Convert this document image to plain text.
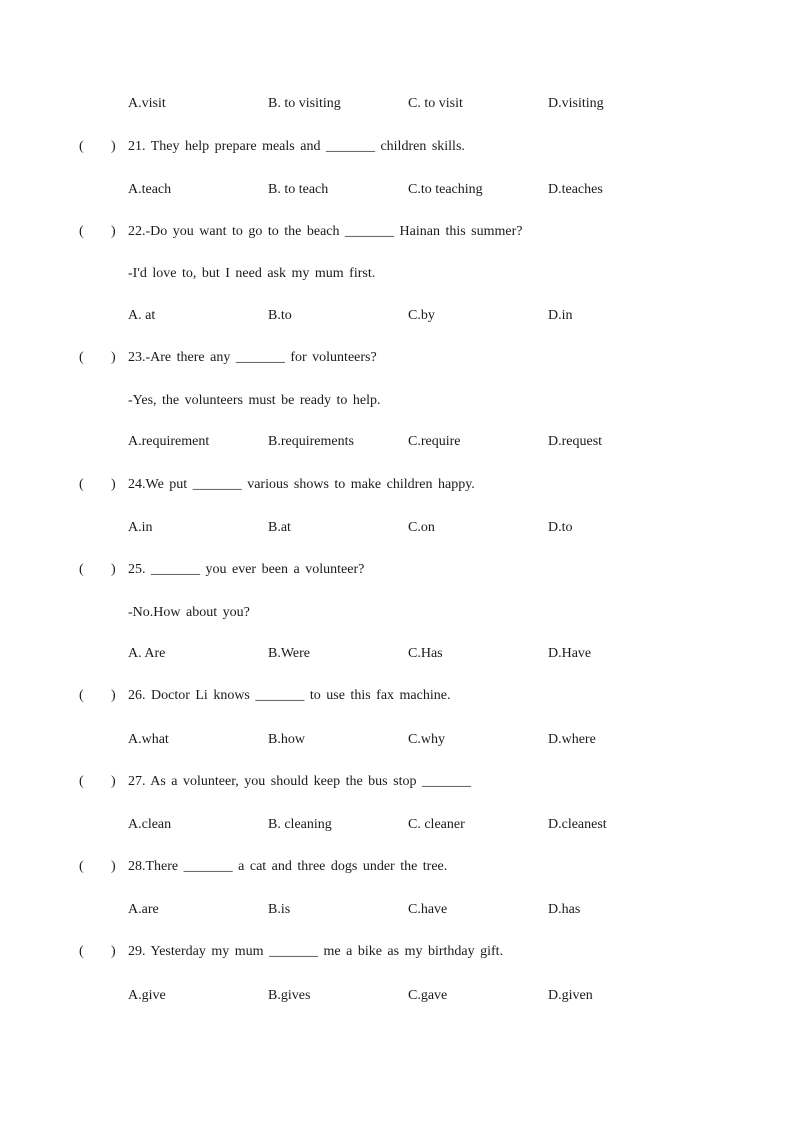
A.visit	B. to visiting	C. to visit	D.visiting
( ) 21. They help prepare meals and _______ children skills.
A.teach	B. to teach	C.to teaching	D.teaches
( ) 22.-Do you want to go to the beach _______ Hainan this summer?
-I'd love to, but I need ask my mum first.
A. at	B.to	C.by	D.in
( ) 23.-Are there any _______ for volunteers?
-Yes, the volunteers must be ready to help.
A.requirement	B.requirements	C.require	D.request
( ) 24.We put _______ various shows to make children happy.
A.in	B.at	C.on	D.to
( ) 25. _______ you ever been a volunteer?
-No.How about you?
A. Are	B.Were	C.Has	D.Have
( ) 26. Doctor Li knows _______ to use this fax machine.
A.what	B.how	C.why	D.where
( ) 27. As a volunteer, you should keep the bus stop _______
A.clean	B. cleaning	C. cleaner	D.cleanest
( ) 28.There _______ a cat and three dogs under the tree.
A.are	B.is	C.have	D.has
( ) 29. Yesterday my mum _______ me a bike as my birthday gift.
A.give	B.gives	C.gave	D.given
